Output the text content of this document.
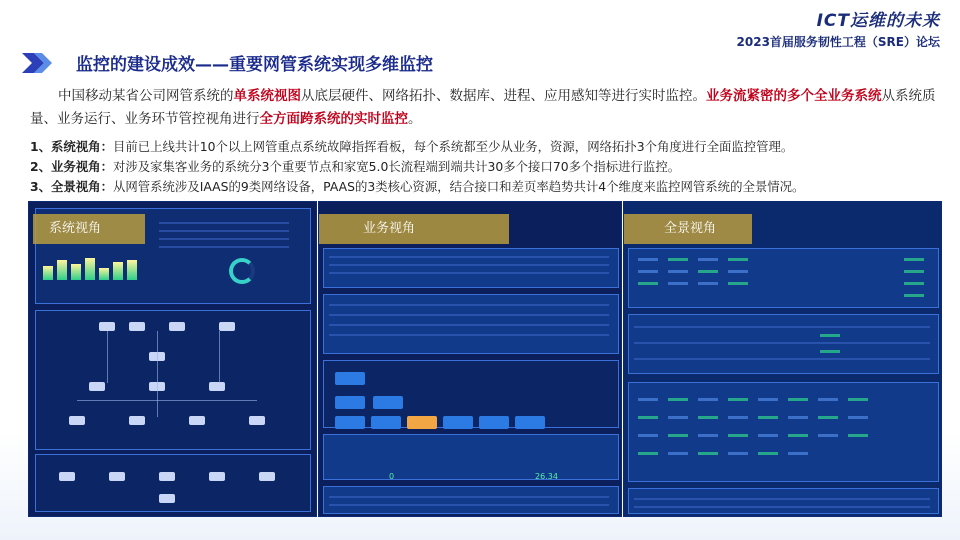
监控的建设成效——重要网管系统实现多维监控
ICT运维的未来
2023首届服务韧性工程（SRE）论坛
中国移动某省公司网管系统的单系统视图从底层硬件、网络拓扑、数据库、进程、应用感知等进行实时监控。业务流紧密的多个全业务系统从系统质量、业务运行、业务环节管控视角进行全方面跨系统的实时监控。
1、系统视角：目前已上线共计10个以上网管重点系统故障指挥看板，每个系统都至少从业务，资源，网络拓扑3个角度进行全面监控管理。
2、业务视角：对涉及家集客业务的系统分3个重要节点和家宽5.0长流程端到端共计30多个接口70多个指标进行监控。
3、全景视角：从网管系统涉及IAAS的9类网络设备，PAAS的3类核心资源，结合接口和差页率趋势共计4个维度来监控网管系统的全景情况。
系统视角	业务视角
0	26.34
全景视角
